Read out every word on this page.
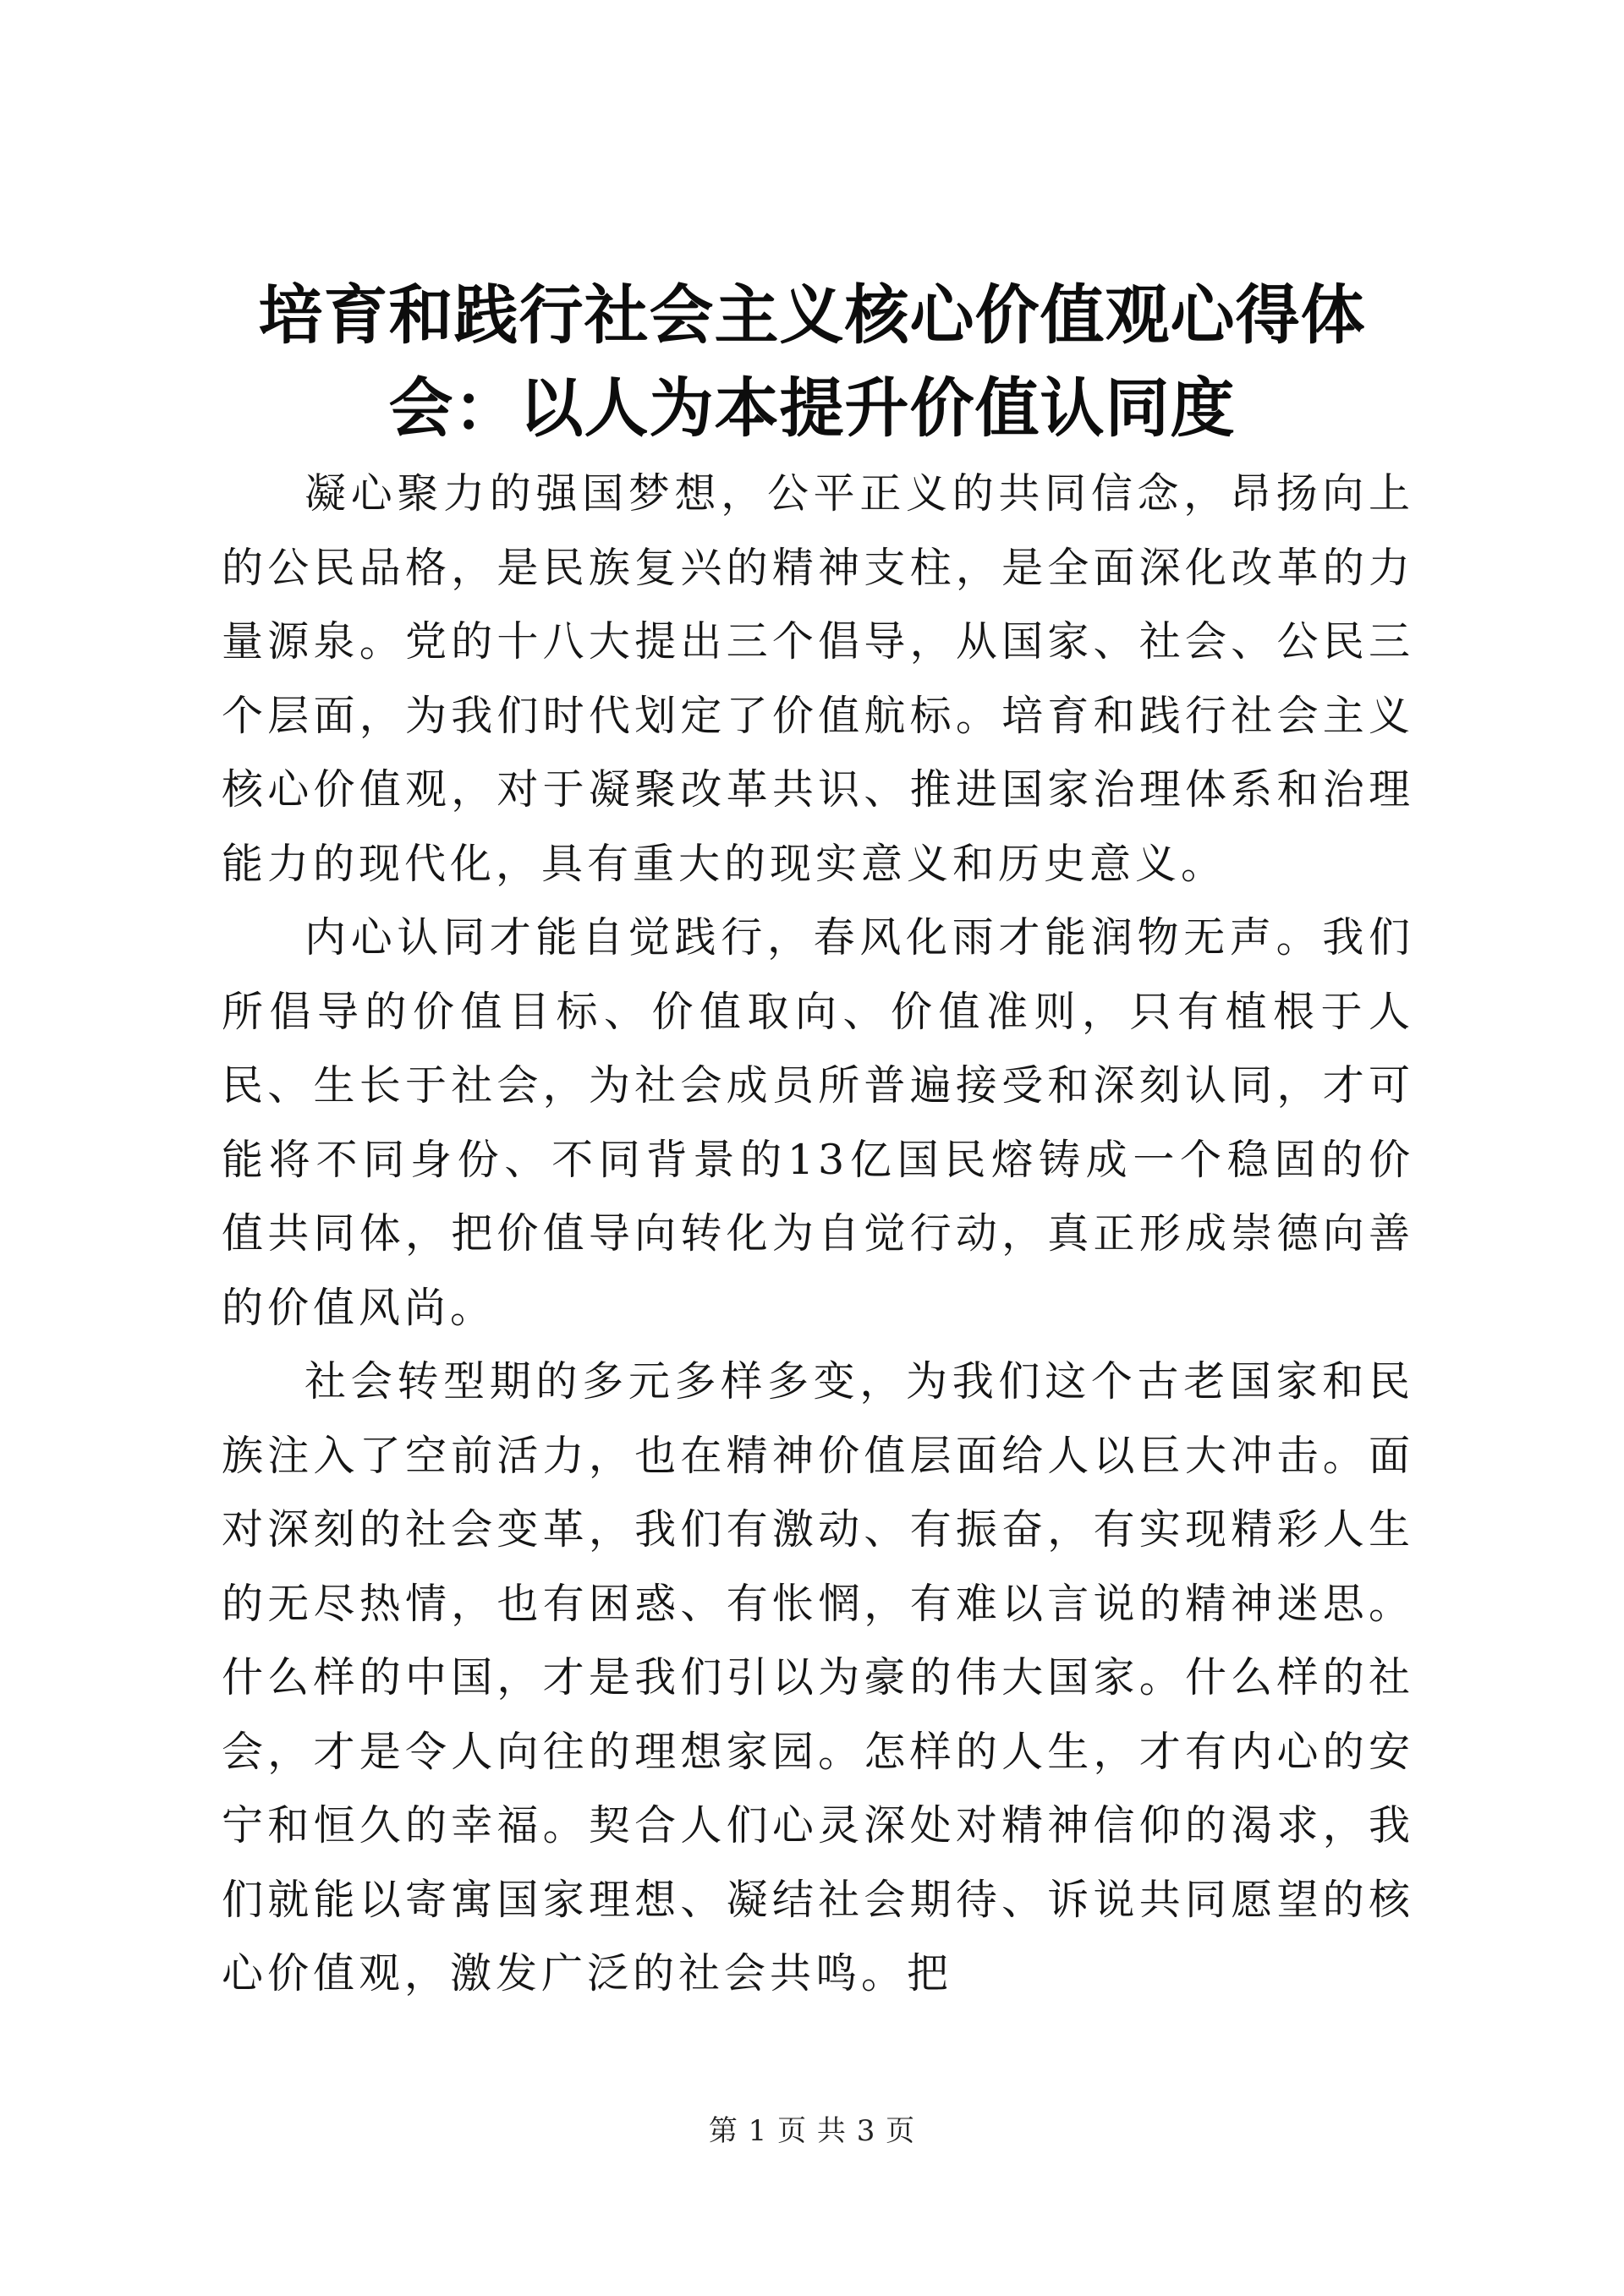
培育和践行社会主义核心价值观心得体会：以人为本提升价值认同度

凝心聚力的强国梦想，公平正义的共同信念，昂扬向上的公民品格，是民族复兴的精神支柱，是全面深化改革的力量源泉。党的十八大提出三个倡导，从国家、社会、公民三个层面，为我们时代划定了价值航标。培育和践行社会主义核心价值观，对于凝聚改革共识、推进国家治理体系和治理能力的现代化，具有重大的现实意义和历史意义。

内心认同才能自觉践行，春风化雨才能润物无声。我们所倡导的价值目标、价值取向、价值准则，只有植根于人民、生长于社会，为社会成员所普遍接受和深刻认同，才可能将不同身份、不同背景的13亿国民熔铸成一个稳固的价值共同体，把价值导向转化为自觉行动，真正形成崇德向善的价值风尚。

社会转型期的多元多样多变，为我们这个古老国家和民族注入了空前活力，也在精神价值层面给人以巨大冲击。面对深刻的社会变革，我们有激动、有振奋，有实现精彩人生的无尽热情，也有困惑、有怅惘，有难以言说的精神迷思。什么样的中国，才是我们引以为豪的伟大国家。什么样的社会，才是令人向往的理想家园。怎样的人生，才有内心的安宁和恒久的幸福。契合人们心灵深处对精神信仰的渴求，我们就能以寄寓国家理想、凝结社会期待、诉说共同愿望的核心价值观，激发广泛的社会共鸣。把

第 1 页 共 3 页
